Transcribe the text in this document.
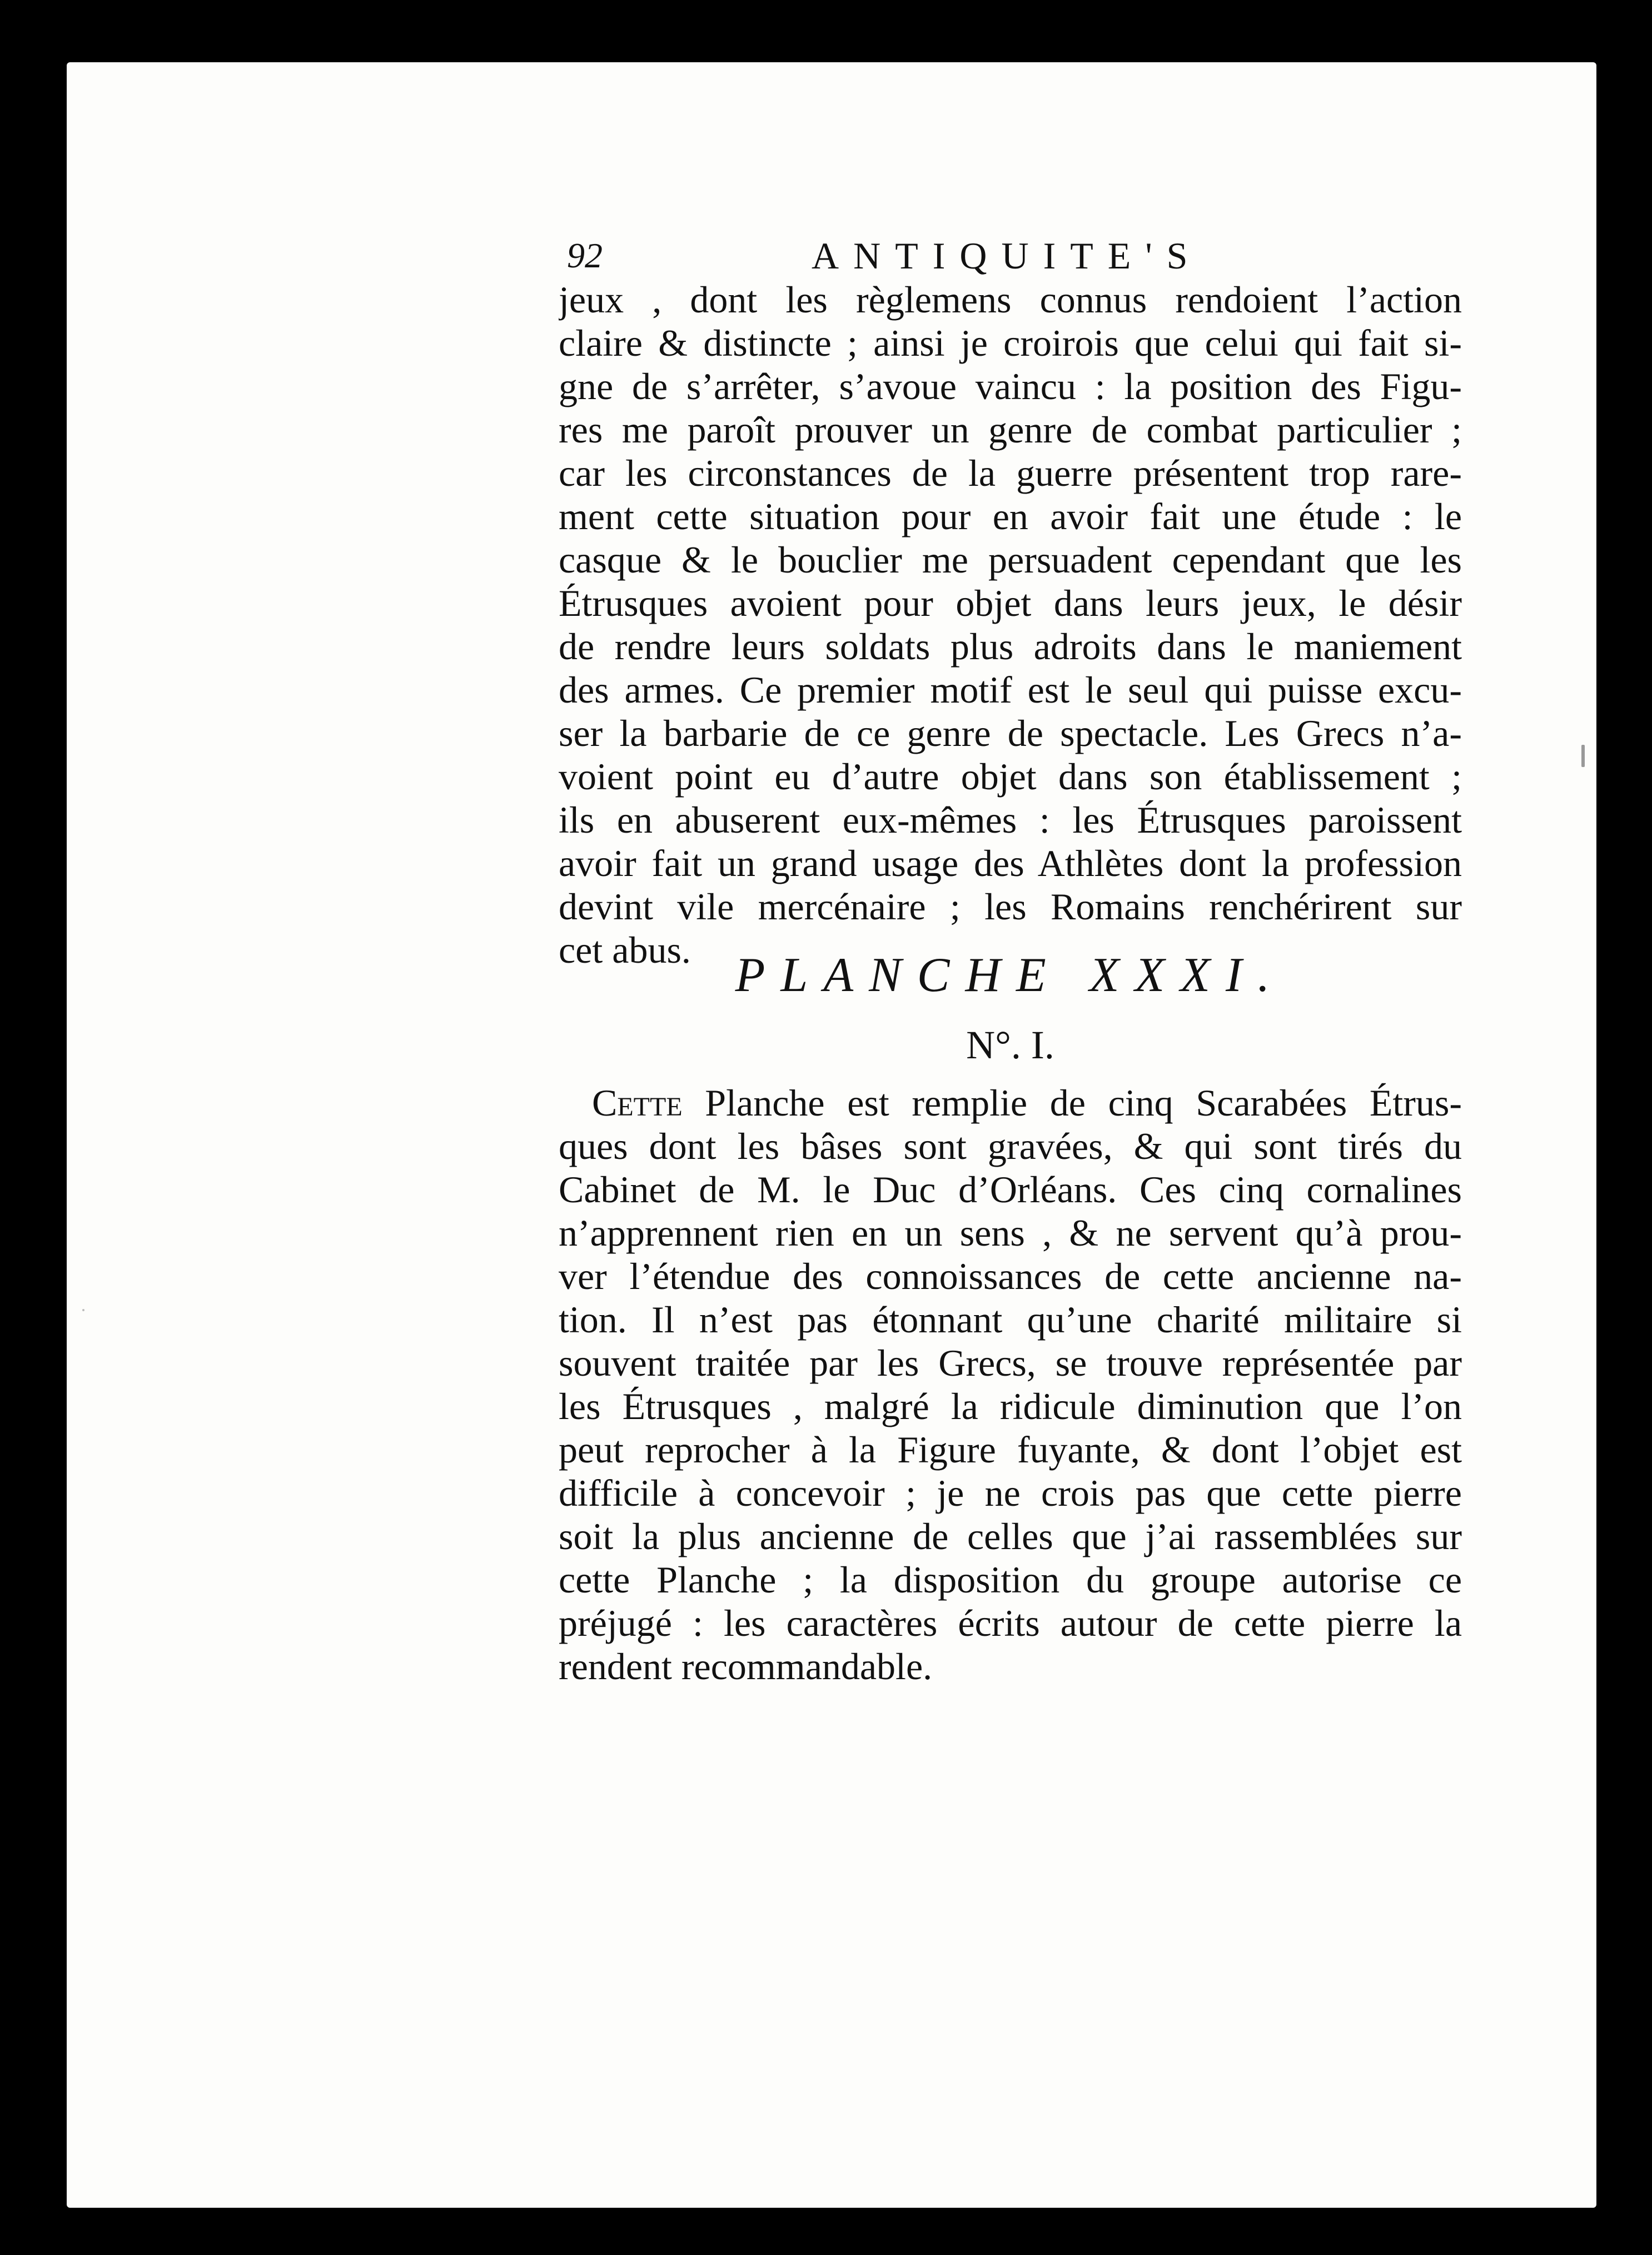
92	ANTIQUITE'S
jeux , dont les règlemens connus rendoient l’action
claire & distincte ; ainsi je croirois que celui qui fait si-
gne de s’arrêter, s’avoue vaincu : la position des Figu-
res me paroît prouver un genre de combat particulier ;
car les circonstances de la guerre présentent trop rare-
ment cette situation pour en avoir fait une étude : le
casque & le bouclier me persuadent cependant que les
Étrusques avoient pour objet dans leurs jeux, le désir
de rendre leurs soldats plus adroits dans le maniement
des armes. Ce premier motif est le seul qui puisse excu-
ser la barbarie de ce genre de spectacle. Les Grecs n’a-
voient point eu d’autre objet dans son établissement ;
ils en abuserent eux-mêmes : les Étrusques paroissent
avoir fait un grand usage des Athlètes dont la profession
devint vile mercénaire ; les Romains renchérirent sur
cet abus. PLANCHE XXXI.
N°. I.
Cette Planche est remplie de cinq Scarabées Étrus-
ques dont les bâses sont gravées, & qui sont tirés du
Cabinet de M. le Duc d’Orléans. Ces cinq cornalines
n’apprennent rien en un sens , & ne servent qu’à prou-
ver l’étendue des connoissances de cette ancienne na-
tion. Il n’est pas étonnant qu’une charité militaire si
souvent traitée par les Grecs, se trouve représentée par
les Étrusques , malgré la ridicule diminution que l’on
peut reprocher à la Figure fuyante, & dont l’objet est
difficile à concevoir ; je ne crois pas que cette pierre
soit la plus ancienne de celles que j’ai rassemblées sur
cette Planche ; la disposition du groupe autorise ce
préjugé : les caractères écrits autour de cette pierre la
rendent recommandable.
